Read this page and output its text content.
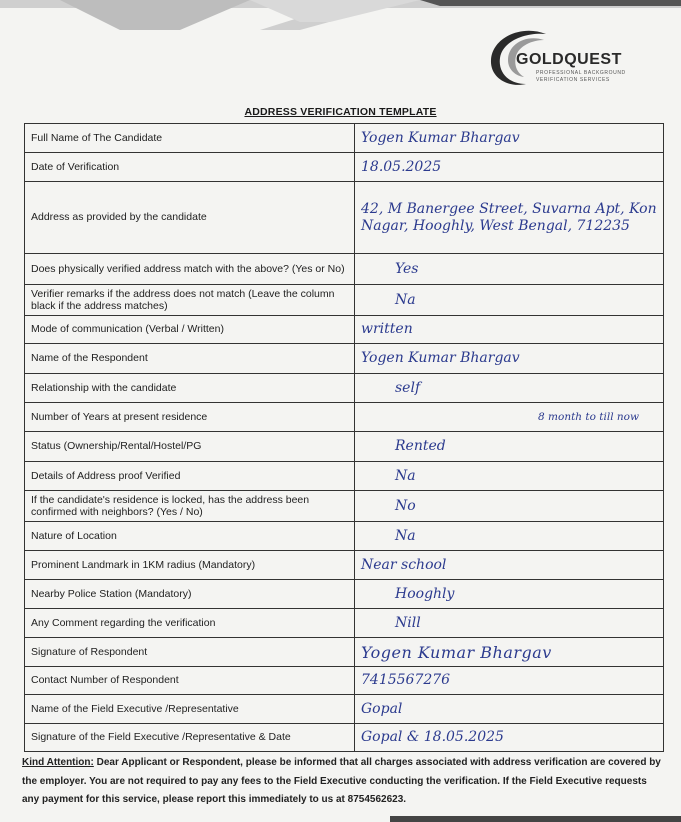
GOLDQUEST
PROFESSIONAL BACKGROUND
VERIFICATION SERVICES
ADDRESS VERIFICATION TEMPLATE
Full Name of The Candidate	Yogen Kumar Bhargav
Date of Verification	18.05.2025
Address as provided by the candidate	42, M Banergee Street, Suvarna Apt, Kon Nagar, Hooghly, West Bengal, 712235
Does physically verified address match with the above? (Yes or No)	Yes
Verifier remarks if the address does not match (Leave the column black if the address matches)	Na
Mode of communication (Verbal / Written)	written
Name of the Respondent	Yogen Kumar Bhargav
Relationship with the candidate	self
Number of Years at present residence	8 month to till now
Status (Ownership/Rental/Hostel/PG	Rented
Details of Address proof Verified	Na
If the candidate's residence is locked, has the address been confirmed with neighbors? (Yes / No)	No
Nature of Location	Na
Prominent Landmark in 1KM radius (Mandatory)	Near school
Nearby Police Station (Mandatory)	Hooghly
Any Comment regarding the verification	Nill
Signature of Respondent	Yogen Kumar Bhargav
Contact Number of Respondent	7415567276
Name of the Field Executive /Representative	Gopal
Signature of the Field Executive /Representative & Date	Gopal & 18.05.2025
Kind Attention: Dear Applicant or Respondent, please be informed that all charges associated with address verification are covered by the employer. You are not required to pay any fees to the Field Executive conducting the verification. If the Field Executive requests any payment for this service, please report this immediately to us at 8754562623.
